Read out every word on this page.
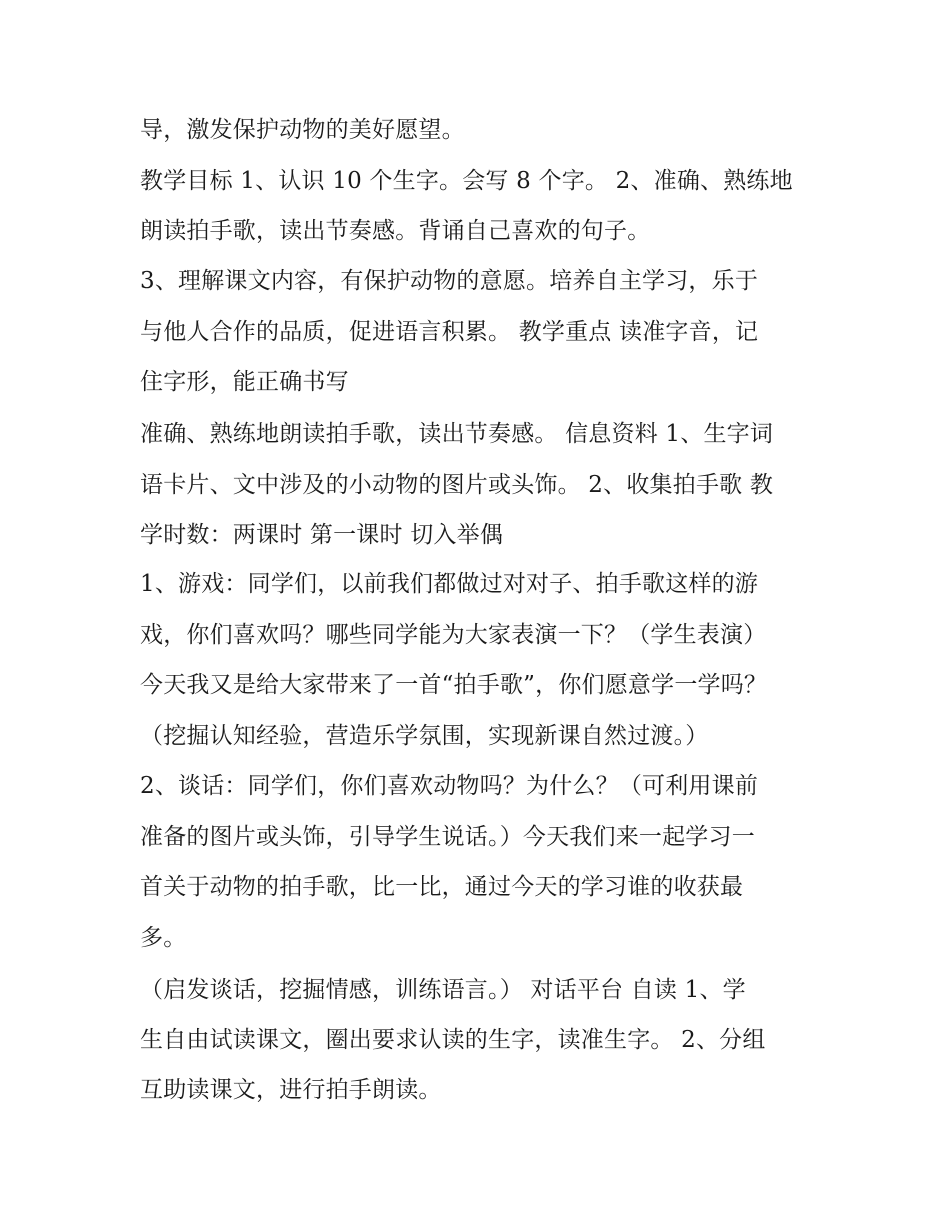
导，激发保护动物的美好愿望。
教学目标 1、认识 10 个生字。会写 8 个字。 2、准确、熟练地
朗读拍手歌，读出节奏感。背诵自己喜欢的句子。
3、理解课文内容，有保护动物的意愿。培养自主学习，乐于
与他人合作的品质，促进语言积累。 教学重点 读准字音，记
住字形，能正确书写
准确、熟练地朗读拍手歌，读出节奏感。 信息资料 1、生字词
语卡片、文中涉及的小动物的图片或头饰。 2、收集拍手歌 教
学时数：两课时 第一课时 切入举偶
1、游戏：同学们，以前我们都做过对对子、拍手歌这样的游
戏，你们喜欢吗？哪些同学能为大家表演一下？（学生表演）
今天我又是给大家带来了一首“拍手歌”，你们愿意学一学吗？
（挖掘认知经验，营造乐学氛围，实现新课自然过渡。）
2、谈话：同学们，你们喜欢动物吗？为什么？（可利用课前
准备的图片或头饰，引导学生说话。）今天我们来一起学习一
首关于动物的拍手歌，比一比，通过今天的学习谁的收获最
多。
（启发谈话，挖掘情感，训练语言。） 对话平台 自读 1、学
生自由试读课文，圈出要求认读的生字，读准生字。 2、分组
互助读课文，进行拍手朗读。
